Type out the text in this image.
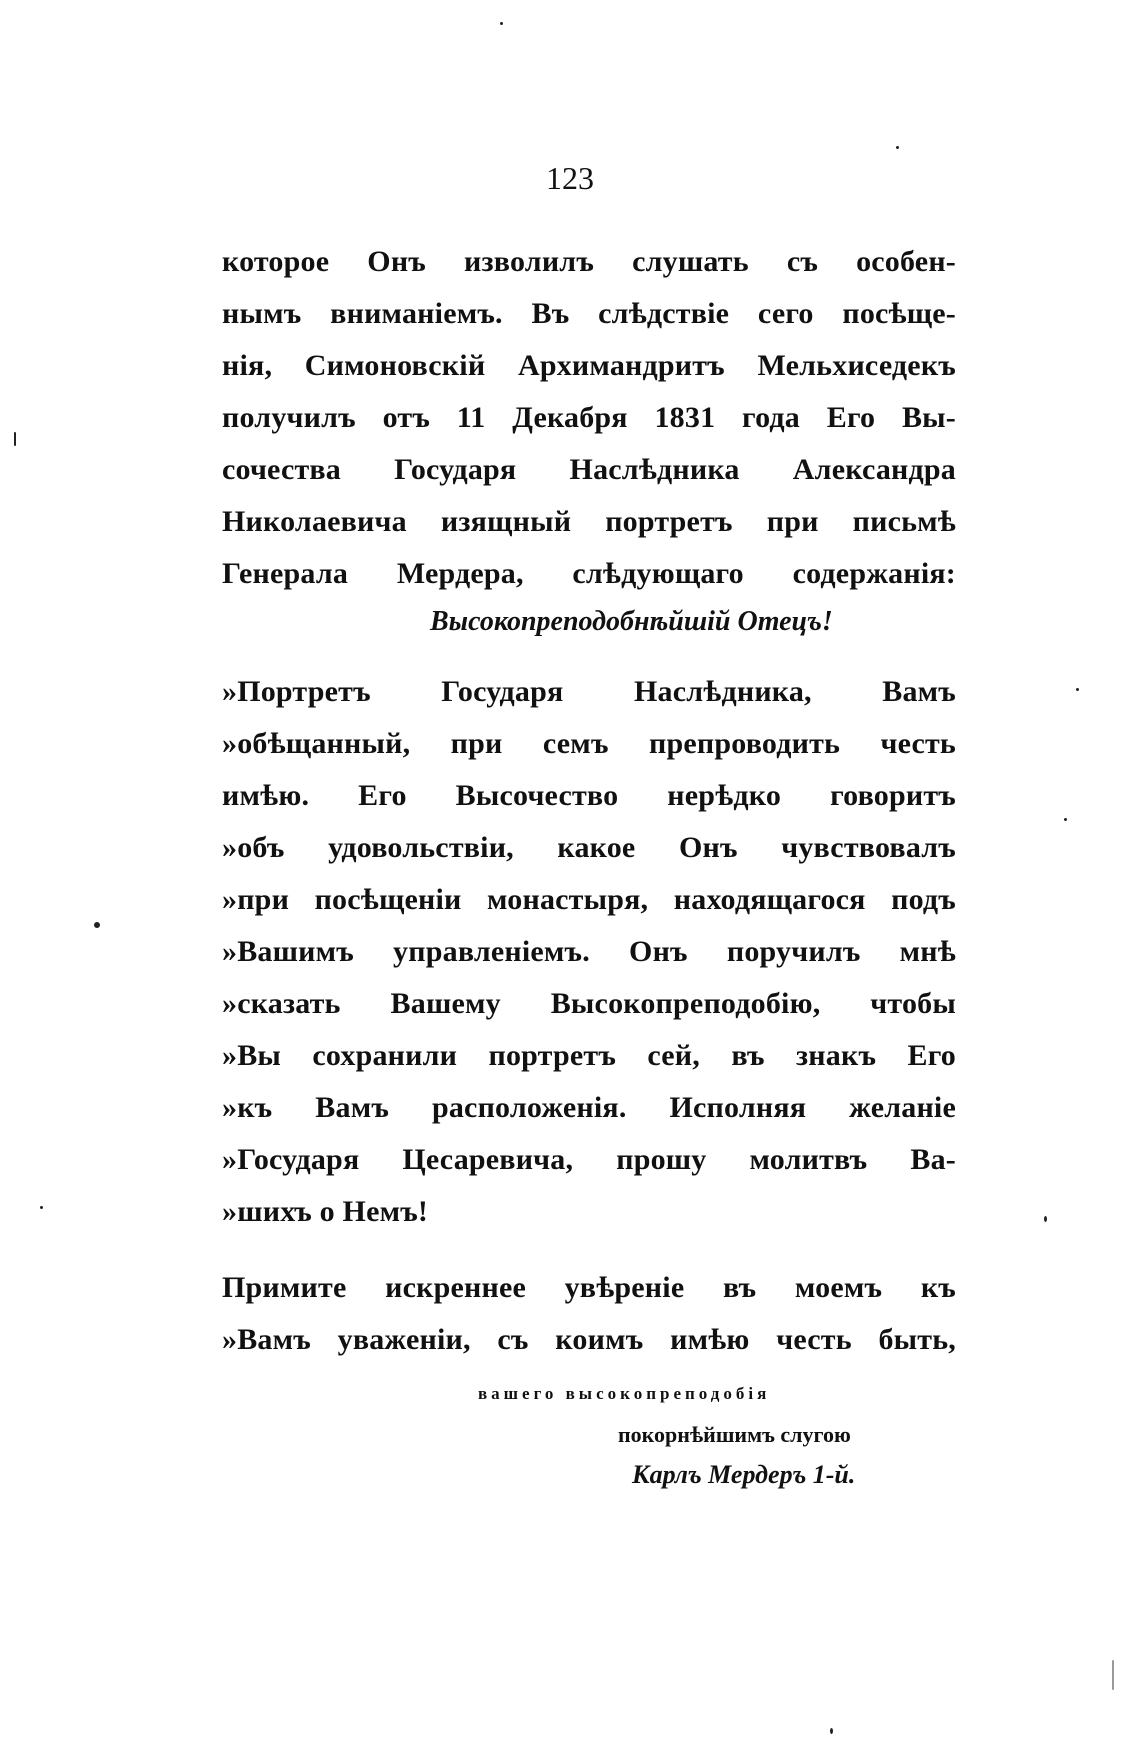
123
которое Онъ изволилъ слушать съ особен-
нымъ вниманіемъ. Въ слѣдствіе сего посѣще-
нія, Симоновскій Архимандритъ Мельхиседекъ
получилъ отъ 11 Декабря 1831 года Его Вы-
сочества Государя Наслѣдника Александра
Николаевича изящный портретъ при письмѣ
Генерала Мердера, слѣдующаго содержанія:
Высокопреподобнѣйшій Отецъ!
»Портретъ Государя Наслѣдника, Вамъ
»обѣщанный, при семъ препроводить честь
имѣю. Его Высочество нерѣдко говоритъ
»объ удовольствіи, какое Онъ чувствовалъ
»при посѣщеніи монастыря, находящагося подъ
»Вашимъ управленіемъ. Онъ поручилъ мнѣ
»сказать Вашему Высокопреподобію, чтобы
»Вы сохранили портретъ сей, въ знакъ Его
»къ Вамъ расположенія. Исполняя желаніе
»Государя Цесаревича, прошу молитвъ Ва-
»шихъ о Немъ!
Примите искреннее увѣреніе въ моемъ къ
»Вамъ уваженіи, съ коимъ имѣю честь быть,
вашего высокопреподобія
покорнѣйшимъ слугою
Карлъ Мердеръ 1-й.
